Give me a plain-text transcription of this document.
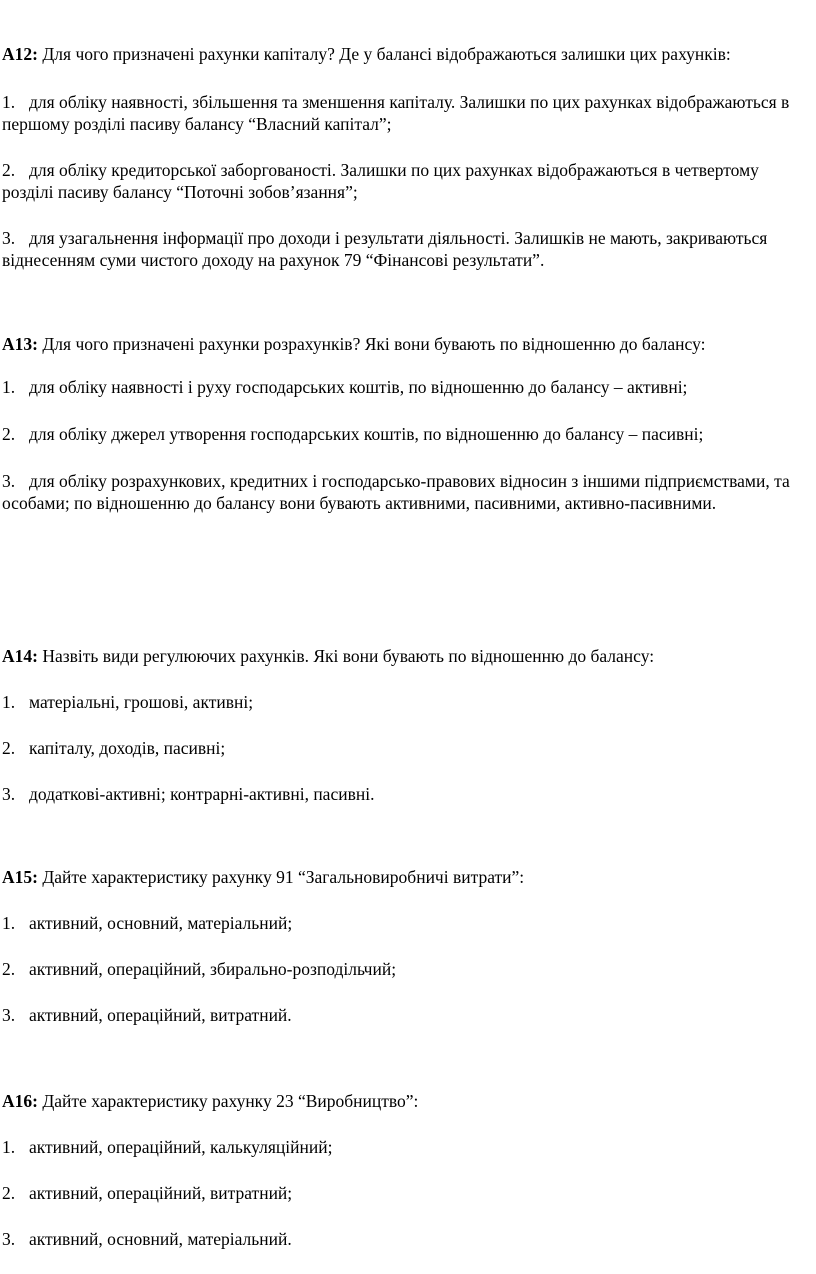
А12: Для чого призначені рахунки капіталу? Де у балансі відображаються залишки цих рахунків:

1. для обліку наявності, збільшення та зменшення капіталу. Залишки по цих рахунках відображаються в першому розділі пасиву балансу “Власний капітал”;

2. для обліку кредиторської заборгованості. Залишки по цих рахунках відображаються в четвертому розділі пасиву балансу “Поточні зобов’язання”;

3. для узагальнення інформації про доходи і результати діяльності. Залишків не мають, закриваються віднесенням суми чистого доходу на рахунок 79 “Фінансові результати”.

А13: Для чого призначені рахунки розрахунків? Які вони бувають по відношенню до балансу:

1. для обліку наявності і руху господарських коштів, по відношенню до балансу – активні;

2. для обліку джерел утворення господарських коштів, по відношенню до балансу – пасивні;

3. для обліку розрахункових, кредитних і господарсько-правових відносин з іншими підприємствами, та особами; по відношенню до балансу вони бувають активними, пасивними, активно-пасивними.

А14: Назвіть види регулюючих рахунків. Які вони бувають по відношенню до балансу:

1. матеріальні, грошові, активні;

2. капіталу, доходів, пасивні;

3. додаткові-активні; контрарні-активні, пасивні.

А15: Дайте характеристику рахунку 91 “Загальновиробничі витрати”:

1. активний, основний, матеріальний;

2. активний, операційний, збирально-розподільчий;

3. активний, операційний, витратний.

А16: Дайте характеристику рахунку 23 “Виробництво”:

1. активний, операційний, калькуляційний;

2. активний, операційний, витратний;

3. активний, основний, матеріальний.
